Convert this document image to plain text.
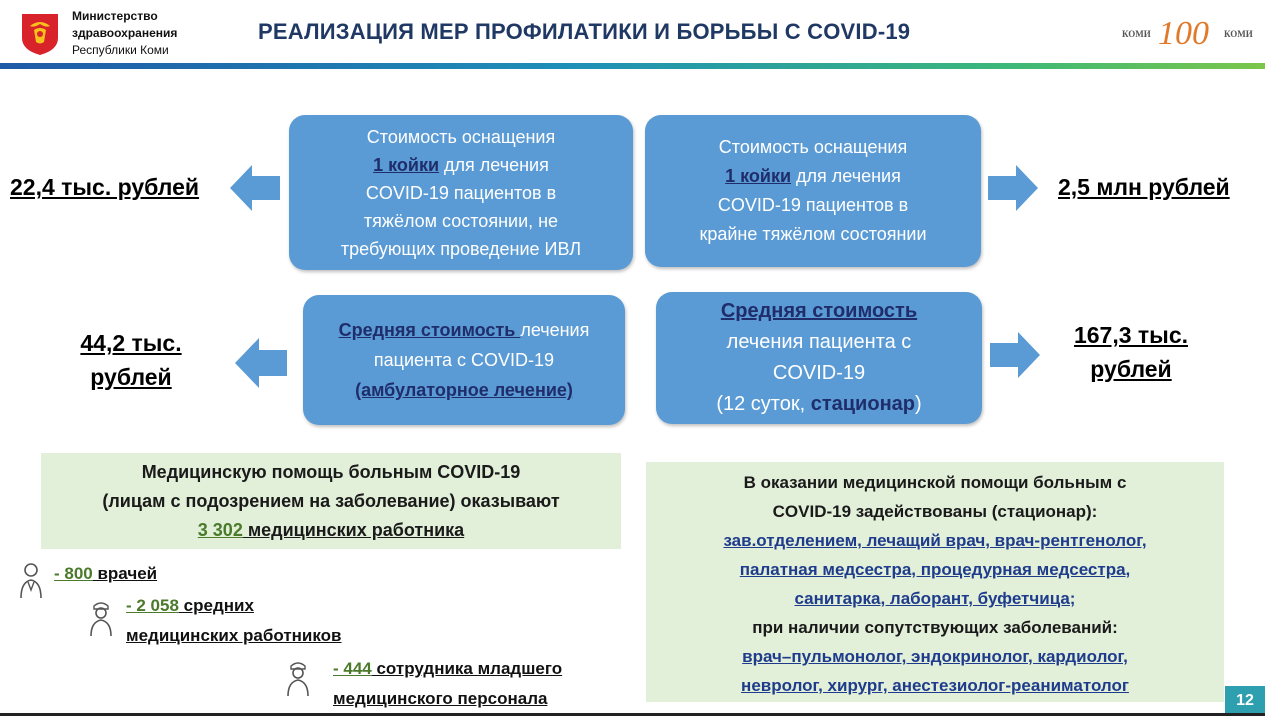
Министерство
здравоохранения
Республики Коми
РЕАЛИЗАЦИЯ МЕР ПРОФИЛАТИКИ И БОРЬБЫ С COVID-19	КОМИ 100 КОМИ
22,4 тыс. рублей	2,5 млн рублей
44,2 тыс.
рублей
167,3 тыс.
рублей
Стоимость оснащения
1 койки для лечения
COVID-19 пациентов в
тяжёлом состоянии, не
требующих проведение ИВЛ
Стоимость оснащения
1 койки для лечения
COVID-19 пациентов в
крайне тяжёлом состоянии
Средняя стоимость лечения
пациента с COVID-19
(амбулаторное лечение)
Средняя стоимость
лечения пациента с
COVID-19
(12 суток, стационар)
Медицинскую помощь больным COVID-19
(лицам с подозрением на заболевание) оказывают
3 302 медицинских работника
- 800 врачей
- 2 058 средних
медицинских работников
- 444 сотрудника младшего
медицинского персонала
В оказании медицинской помощи больным с
COVID-19 задействованы (стационар):
зав.отделением, лечащий врач, врач-рентгенолог,
палатная медсестра, процедурная медсестра,
санитарка, лаборант, буфетчица;
при наличии сопутствующих заболеваний:
врач–пульмонолог, эндокринолог, кардиолог,
невролог, хирург, анестезиолог-реаниматолог
12
